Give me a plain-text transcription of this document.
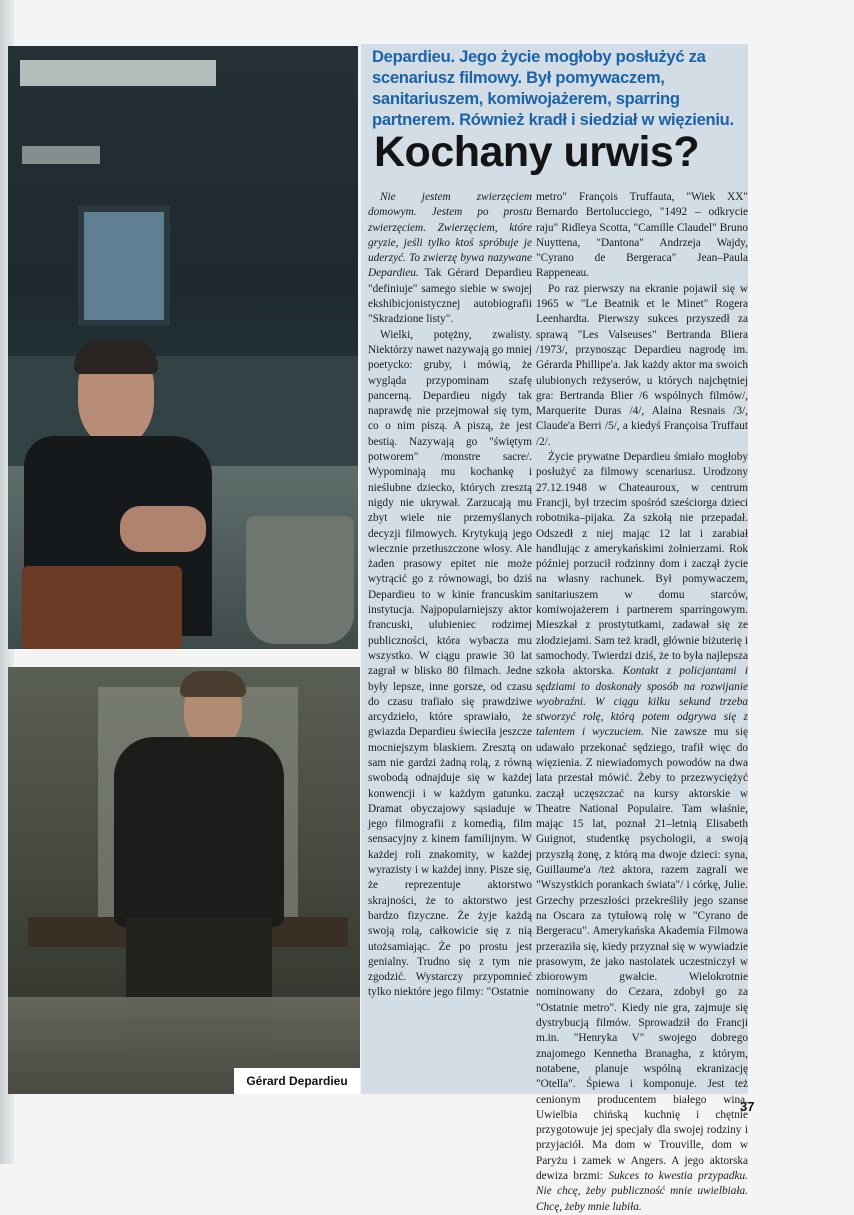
Gérard Depardieu
Depardieu. Jego życie mogłoby posłużyć za scenariusz filmowy. Był pomywaczem, sanitariuszem, komiwojażerem, sparring partnerem. Również kradł i siedział w więzieniu.
Kochany urwis?

Nie jestem zwierzęciem domowym. Jestem po prostu zwierzęciem. Zwierzęciem, które gryzie, jeśli tylko ktoś spróbuje je uderzyć. To zwierzę bywa nazywane Depardieu. Tak Gérard Depardieu "definiuje" samego siebie w swojej ekshibicjonistycznej autobiografii "Skradzione listy".

Wielki, potężny, zwalisty. Niektórzy nawet nazywają go mniej poetycko: gruby, i mówią, że wygląda przypominam szafę pancerną. Depardieu nigdy tak naprawdę nie przejmował się tym, co o nim piszą. A piszą, że jest bestią. Nazywają go "świętym potworem" /monstre sacre/. Wypominają mu kochankę i nieślubne dziecko, których zresztą nigdy nie ukrywał. Zarzucają mu zbyt wiele nie przemyślanych decyzji filmowych. Krytykują jego wiecznie przetłuszczone włosy. Ale żaden prasowy epitet nie może wytrącić go z równowagi, bo dziś Depardieu to w kinie francuskim instytucja. Najpopularniejszy aktor francuski, ulubieniec rodzimej publiczności, która wybacza mu wszystko. W ciągu prawie 30 lat zagrał w blisko 80 filmach. Jedne były lepsze, inne gorsze, od czasu do czasu trafiało się prawdziwe arcydzieło, które sprawiało, że gwiazda Depardieu świeciła jeszcze mocniejszym blaskiem. Zresztą on sam nie gardzi żadną rolą, z równą swobodą odnajduje się w każdej konwencji i w każdym gatunku. Dramat obyczajowy sąsiaduje w jego filmografii z komedią, film sensacyjny z kinem familijnym. W każdej roli znakomity, w każdej wyrazisty i w każdej inny. Pisze się, że reprezentuje aktorstwo skrajności, że to aktorstwo jest bardzo fizyczne. Że żyje każdą swoją rolą, całkowicie się z nią utożsamiając. Że po prostu jest genialny. Trudno się z tym nie zgodzić. Wystarczy przypomnieć tylko niektóre jego filmy: "Ostatnie

metro" François Truffauta, "Wiek XX" Bernardo Bertolucciego, "1492 – odkrycie raju" Ridleya Scotta, "Camille Claudel" Bruno Nuyttena, "Dantona" Andrzeja Wajdy, "Cyrano de Bergeraca" Jean–Paula Rappeneau.

Po raz pierwszy na ekranie pojawił się w 1965 w "Le Beatnik et le Minet" Rogera Leenhardta. Pierwszy sukces przyszedł za sprawą "Les Valseuses" Bertranda Bliera /1973/, przynosząc Depardieu nagrodę im. Gérarda Phillipe'a. Jak każdy aktor ma swoich ulubionych reżyserów, u których najchętniej gra: Bertranda Blier /6 wspólnych filmów/, Marquerite Duras /4/, Alaina Resnais /3/, Claude'a Berri /5/, a kiedyś Françoisa Truffaut /2/.

Życie prywatne Depardieu śmiało mogłoby posłużyć za filmowy scenariusz. Urodzony 27.12.1948 w Chateauroux, w centrum Francji, był trzecim spośród sześciorga dzieci robotnika–pijaka. Za szkołą nie przepadał. Odszedł z niej mając 12 lat i zarabiał handlując z amerykańskimi żołnierzami. Rok później porzucił rodzinny dom i zaczął życie na własny rachunek. Był pomywaczem, sanitariuszem w domu starców, komiwojażerem i partnerem sparringowym. Mieszkał z prostytutkami, zadawał się ze złodziejami. Sam też kradł, głównie biżuterię i samochody. Twierdzi dziś, że to była najlepsza szkoła aktorska. Kontakt z policjantami i sędziami to doskonały sposób na rozwijanie wyobraźni. W ciągu kilku sekund trzeba stworzyć rolę, którą potem odgrywa się z talentem i wyczuciem. Nie zawsze mu się udawało przekonać sędziego, trafił więc do więzienia. Z niewiadomych powodów na dwa lata przestał mówić. Żeby to przezwyciężyć zaczął uczęszczać na kursy aktorskie w Theatre National Populaire. Tam właśnie, mając 15 lat, poznał 21–letnią Elisabeth Guignot, studentkę psychologii, a swoją przyszłą żonę, z którą ma dwoje dzieci: syna, Guillaume'a /też aktora, razem zagrali we "Wszystkich porankach świata"/ i córkę, Julie. Grzechy przeszłości przekreśliły jego szanse na Oscara za tytułową rolę w "Cyrano de Bergeracu". Amerykańska Akademia Filmowa przeraziła się, kiedy przyznał się w wywiadzie prasowym, że jako nastolatek uczestniczył w zbiorowym gwałcie. Wielokrotnie nominowany do Cezara, zdobył go za "Ostatnie metro". Kiedy nie gra, zajmuje się dystrybucją filmów. Sprowadził do Francji m.in. "Henryka V" swojego dobrego znajomego Kennetha Branagha, z którym, notabene, planuje wspólną ekranizację "Otella". Śpiewa i komponuje. Jest też cenionym producentem białego wina. Uwielbia chińską kuchnię i chętnie przygotowuje jej specjały dla swojej rodziny i przyjaciół. Ma dom w Trouville, dom w Paryżu i zamek w Angers. A jego aktorska dewiza brzmi: Sukces to kwestia przypadku. Nie chcę, żeby publiczność mnie uwielbiała. Chcę, żeby mnie lubiła.

37
